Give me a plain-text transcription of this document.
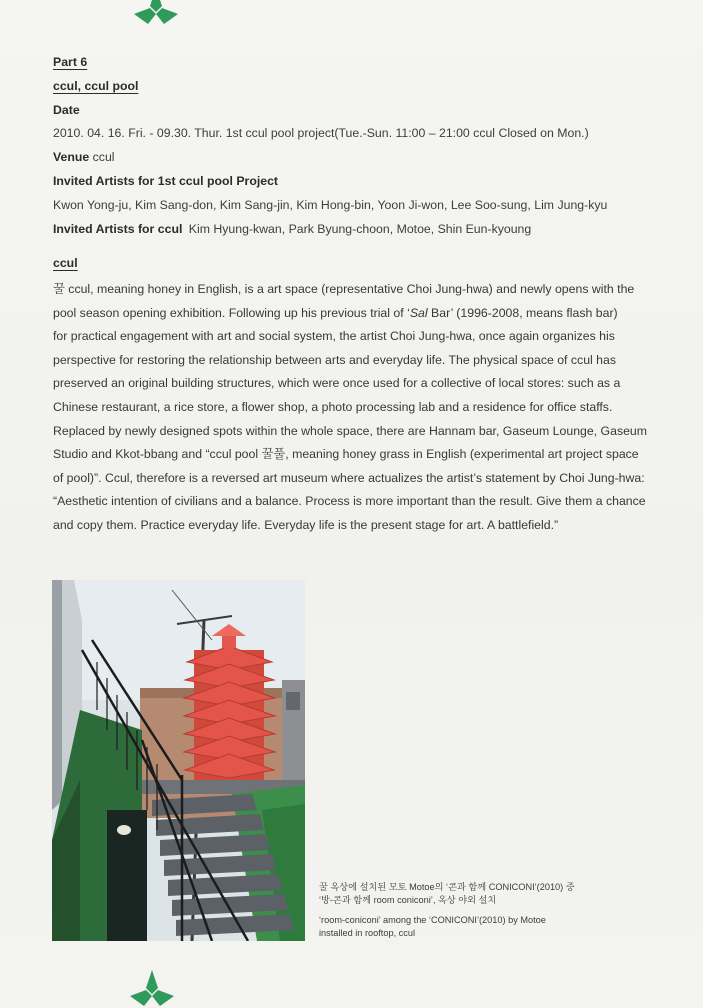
Part 6
ccul, ccul pool
Date
2010. 04. 16. Fri. - 09.30. Thur. 1st ccul pool project(Tue.-Sun. 11:00 – 21:00 ccul Closed on Mon.)
Venue ccul
Invited Artists for 1st ccul pool Project
Kwon Yong-ju, Kim Sang-don, Kim Sang-jin, Kim Hong-bin, Yoon Ji-won, Lee Soo-sung, Lim Jung-kyu
Invited Artists for ccul Kim Hyung-kwan, Park Byung-choon, Motoe, Shin Eun-kyoung
ccul

꿀 ccul, meaning honey in English, is a art space (representative Choi Jung-hwa) and newly opens with the

pool season opening exhibition. Following up his previous trial of ‘Sal Bar’ (1996-2008, means flash bar)

for practical engagement with art and social system, the artist Choi Jung-hwa, once again organizes his

perspective for restoring the relationship between arts and everyday life. The physical space of ccul has

preserved an original building structures, which were once used for a collective of local stores: such as a

Chinese restaurant, a rice store, a flower shop, a photo processing lab and a residence for office staffs.

Replaced by newly designed spots within the whole space, there are Hannam bar, Gaseum Lounge, Gaseum

Studio and Kkot-bbang and “ccul pool 꿀풀, meaning honey grass in English (experimental art project space

of pool)”. Ccul, therefore is a reversed art museum where actualizes the artist’s statement by Choi Jung-hwa:

“Aesthetic intention of civilians and a balance. Process is more important than the result. Give them a chance

and copy them. Practice everyday life. Everyday life is the present stage for art. A battlefield.”

꿀 옥상에 설치된 모토 Motoe의 ‘콘과 함께 CONICONI’(2010) 중

‘방-콘과 함께 room coniconi’, 옥상 야외 설치

‘room-coniconi’ among the ‘CONICONI’(2010) by Motoe

installed in rooftop, ccul
